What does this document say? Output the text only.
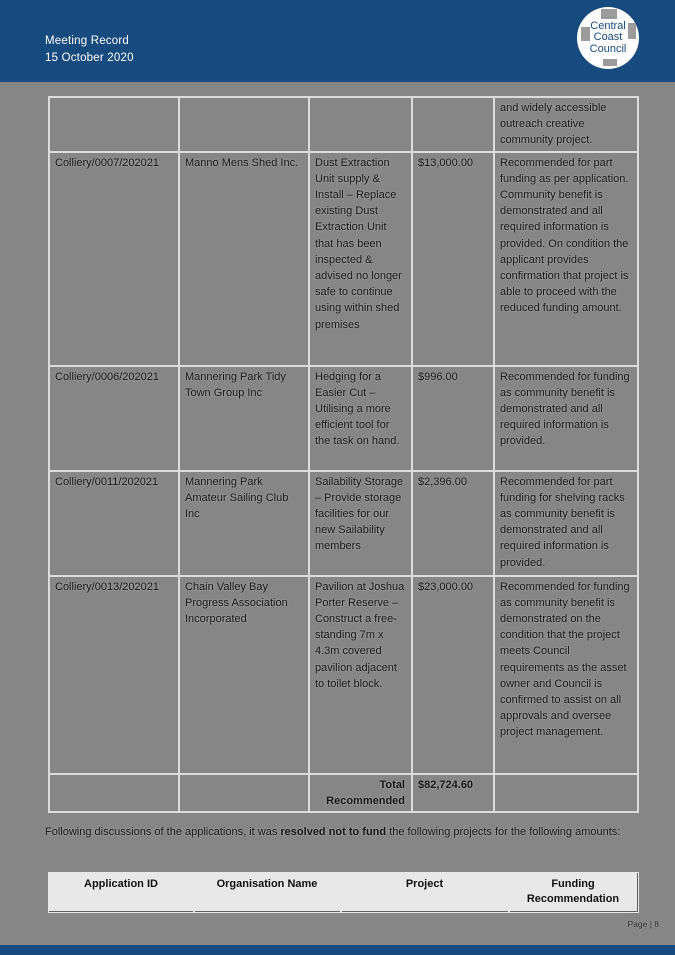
Meeting Record
15 October 2020
Central
Coast
Council
				and widely accessible outreach creative community project.
Colliery/0007/202021	Manno Mens Shed Inc.	Dust Extraction Unit supply & Install – Replace existing Dust Extraction Unit that has been inspected & advised no longer safe to continue using within shed premises	$13,000.00	Recommended for part funding as per application. Community benefit is demonstrated and all required information is provided. On condition the applicant provides confirmation that project is able to proceed with the reduced funding amount.
Colliery/0006/202021	Mannering Park Tidy Town Group Inc	Hedging for a Easier Cut – Utilising a more efficient tool for the task on hand.	$996.00	Recommended for funding as community benefit is demonstrated and all required information is provided.
Colliery/0011/202021	Mannering Park Amateur Sailing Club Inc	Sailability Storage – Provide storage facilities for our new Sailability members	$2,396.00	Recommended for part funding for shelving racks as community benefit is demonstrated and all required information is provided.
Colliery/0013/202021	Chain Valley Bay Progress Association Incorporated	Pavilion at Joshua Porter Reserve – Construct a free-standing 7m x 4.3m covered pavilion adjacent to toilet block.	$23,000.00	Recommended for funding as community benefit is demonstrated on the condition that the project meets Council requirements as the asset owner and Council is confirmed to assist on all approvals and oversee project management.
		Total Recommended	$82,724.60	

Following discussions of the applications, it was resolved not to fund the following projects for the following amounts:

Application ID	Organisation Name	Project	Funding Recommendation
Page | 8
